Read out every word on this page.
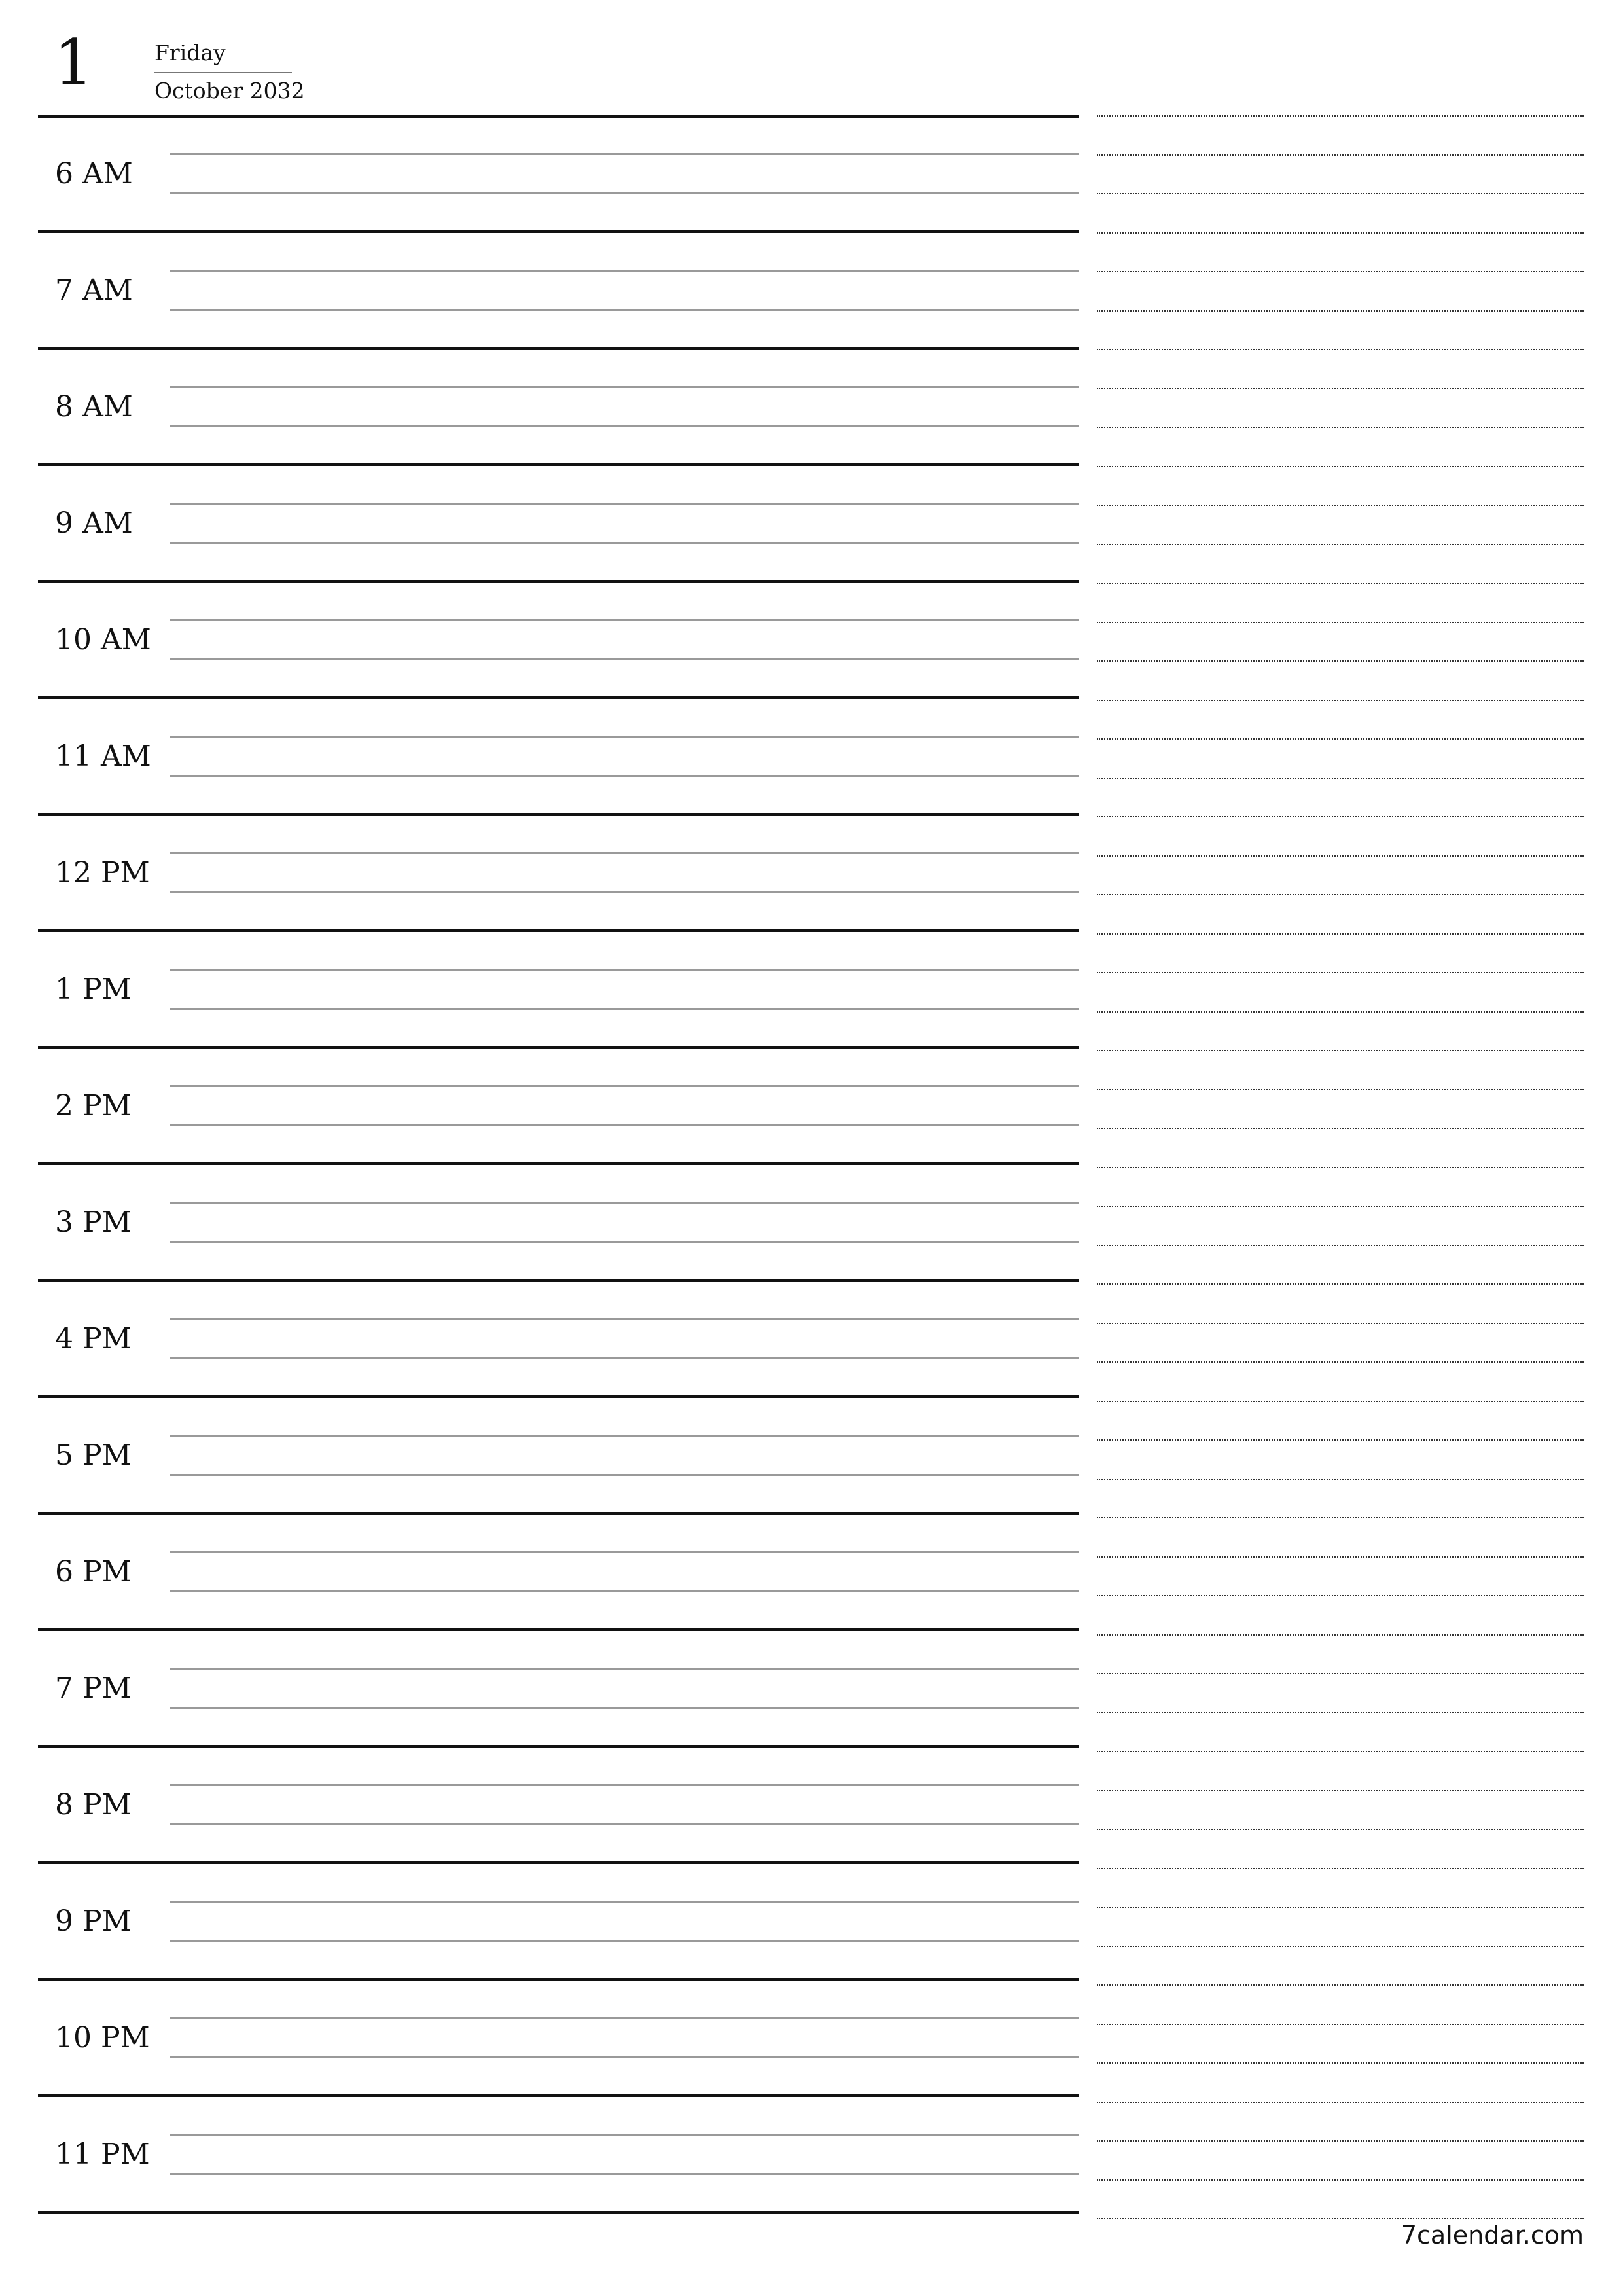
1	Friday
October 2032
6 AM
7 AM
8 AM
9 AM
10 AM
11 AM
12 PM
1 PM
2 PM
3 PM
4 PM
5 PM
6 PM
7 PM
8 PM
9 PM
10 PM
11 PM
7calendar.com
